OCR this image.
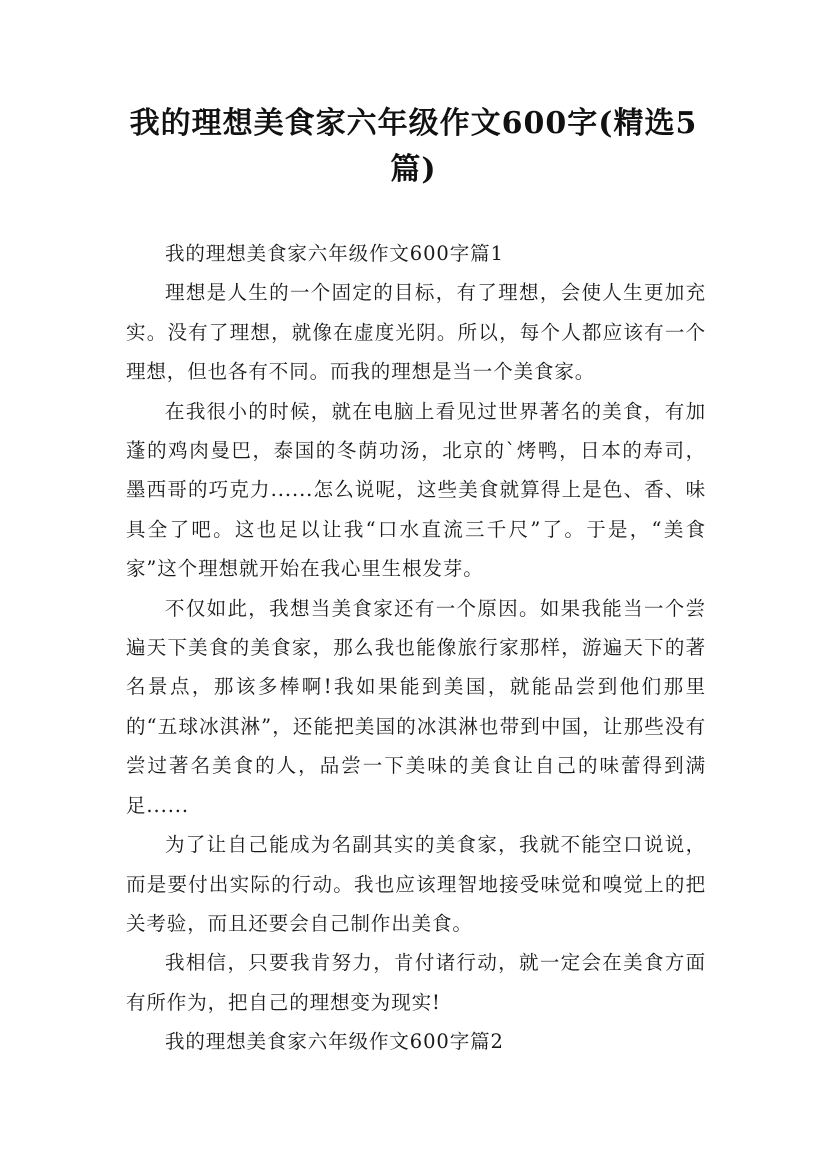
我的理想美食家六年级作文600字(精选5篇)

我的理想美食家六年级作文600字篇1

理想是人生的一个固定的目标，有了理想，会使人生更加充实。没有了理想，就像在虚度光阴。所以，每个人都应该有一个理想，但也各有不同。而我的理想是当一个美食家。

在我很小的时候，就在电脑上看见过世界著名的美食，有加蓬的鸡肉曼巴，泰国的冬荫功汤，北京的`烤鸭，日本的寿司，墨西哥的巧克力......怎么说呢，这些美食就算得上是色、香、味具全了吧。这也足以让我“口水直流三千尺”了。于是，“美食家”这个理想就开始在我心里生根发芽。

不仅如此，我想当美食家还有一个原因。如果我能当一个尝遍天下美食的美食家，那么我也能像旅行家那样，游遍天下的著名景点，那该多棒啊!我如果能到美国，就能品尝到他们那里的“五球冰淇淋”，还能把美国的冰淇淋也带到中国，让那些没有尝过著名美食的人，品尝一下美味的美食让自己的味蕾得到满足......

为了让自己能成为名副其实的美食家，我就不能空口说说，而是要付出实际的行动。我也应该理智地接受味觉和嗅觉上的把关考验，而且还要会自己制作出美食。

我相信，只要我肯努力，肯付诸行动，就一定会在美食方面有所作为，把自己的理想变为现实!

我的理想美食家六年级作文600字篇2
